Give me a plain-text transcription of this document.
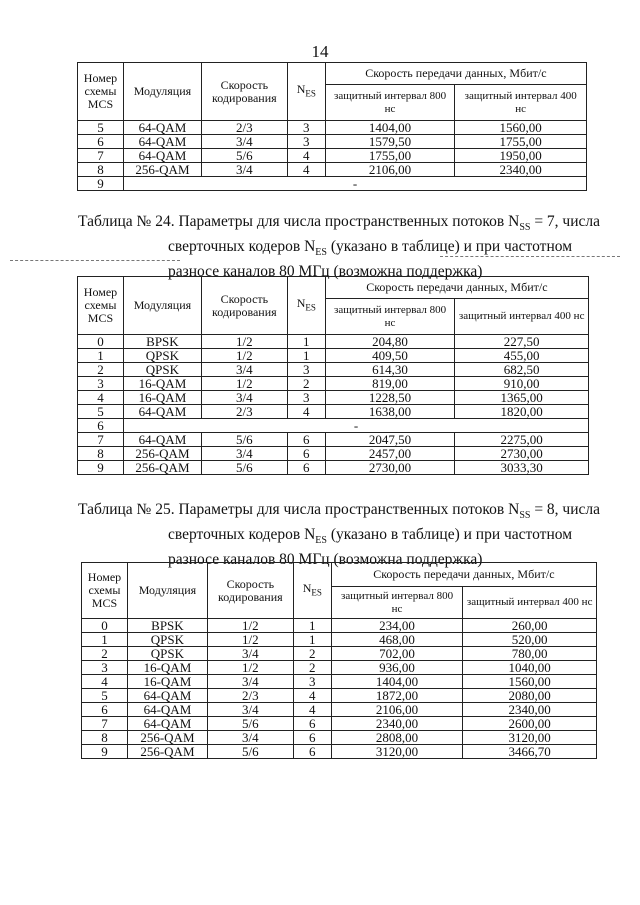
14
Номер схемы MCS	Модуляция	Скорость кодирования	$N_{ES}$	Скорость передачи данных, Мбит/с	
				защитный интервал 800 нс	защитный интервал 400 нс
5	64-QAM	2/3	3	1404,00	1560,00
6	64-QAM	3/4	3	1579,50	1755,00
7	64-QAM	5/6	4	1755,00	1950,00
8	256-QAM	3/4	4	2106,00	2340,00
9	-				
Таблица № 24. Параметры для числа пространственных потоков $N_{SS} = 7$, числа
сверточных кодеров $N_{ES}$ (указано в таблице) и при частотном
разносе каналов 80 МГц (возможна поддержка)
Номер схемы MCS	Модуляция	Скорость кодирования	$N_{ES}$	Скорость передачи данных, Мбит/с	
				защитный интервал 800 нс	защитный интервал 400 нс
0	BPSK	1/2	1	204,80	227,50
1	QPSK	1/2	1	409,50	455,00
2	QPSK	3/4	3	614,30	682,50
3	16-QAM	1/2	2	819,00	910,00
4	16-QAM	3/4	3	1228,50	1365,00
5	64-QAM	2/3	4	1638,00	1820,00
6	-				
7	64-QAM	5/6	6	2047,50	2275,00
8	256-QAM	3/4	6	2457,00	2730,00
9	256-QAM	5/6	6	2730,00	3033,30
Таблица № 25. Параметры для числа пространственных потоков $N_{SS} = 8$, числа
сверточных кодеров $N_{ES}$ (указано в таблице) и при частотном
разносе каналов 80 МГц (возможна поддержка)
Номер схемы MCS	Модуляция	Скорость кодирования	$N_{ES}$	Скорость передачи данных, Мбит/с	
				защитный интервал 800 нс	защитный интервал 400 нс
0	BPSK	1/2	1	234,00	260,00
1	QPSK	1/2	1	468,00	520,00
2	QPSK	3/4	2	702,00	780,00
3	16-QAM	1/2	2	936,00	1040,00
4	16-QAM	3/4	3	1404,00	1560,00
5	64-QAM	2/3	4	1872,00	2080,00
6	64-QAM	3/4	4	2106,00	2340,00
7	64-QAM	5/6	6	2340,00	2600,00
8	256-QAM	3/4	6	2808,00	3120,00
9	256-QAM	5/6	6	3120,00	3466,70
